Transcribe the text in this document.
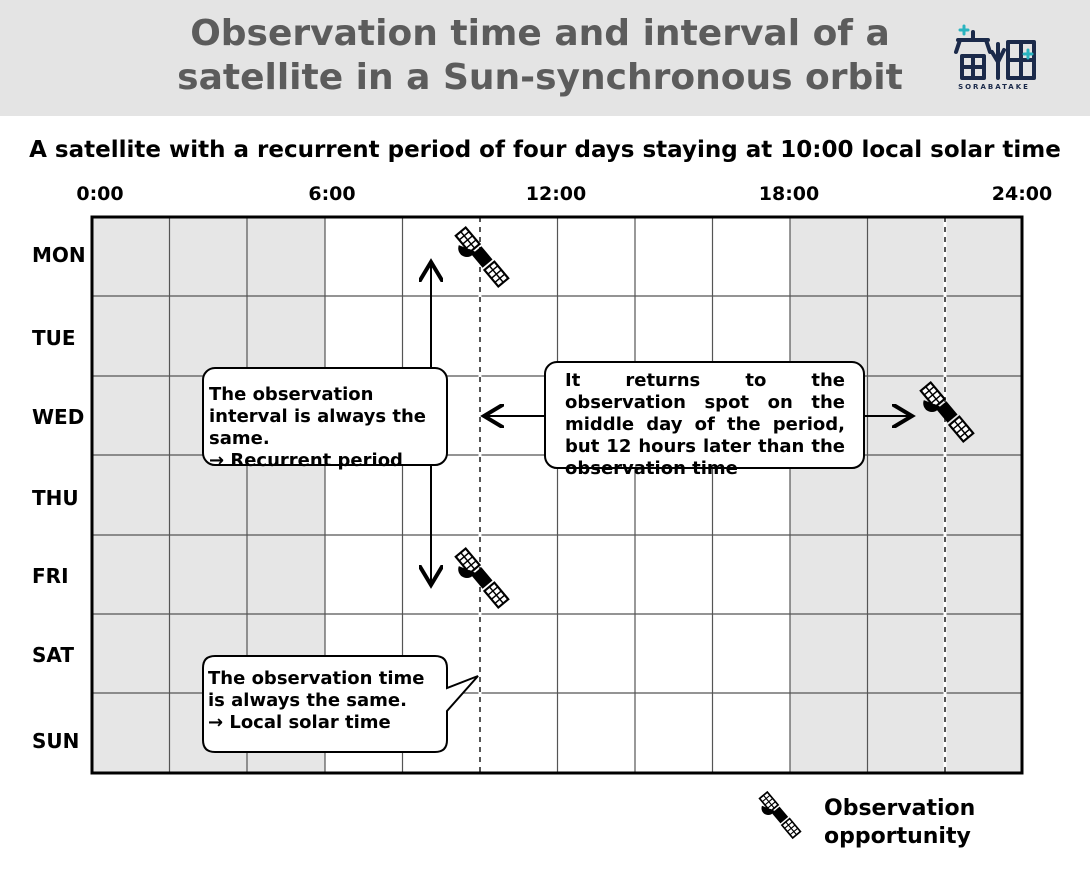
Observation time and interval of a
satellite in a Sun-synchronous orbit	SORABATAKE
A satellite with a recurrent period of four days staying at 10:00 local solar time
0:00	6:00	12:00	18:00	24:00
MON
TUE
WED
THU
FRI
SAT
SUN
The observation interval is always the same.
→ Recurrent period
It returns to the observation spot on the middle day of the period, but 12 hours later than the observation time
The observation time is always the same.
→ Local solar time
Observation
opportunity
